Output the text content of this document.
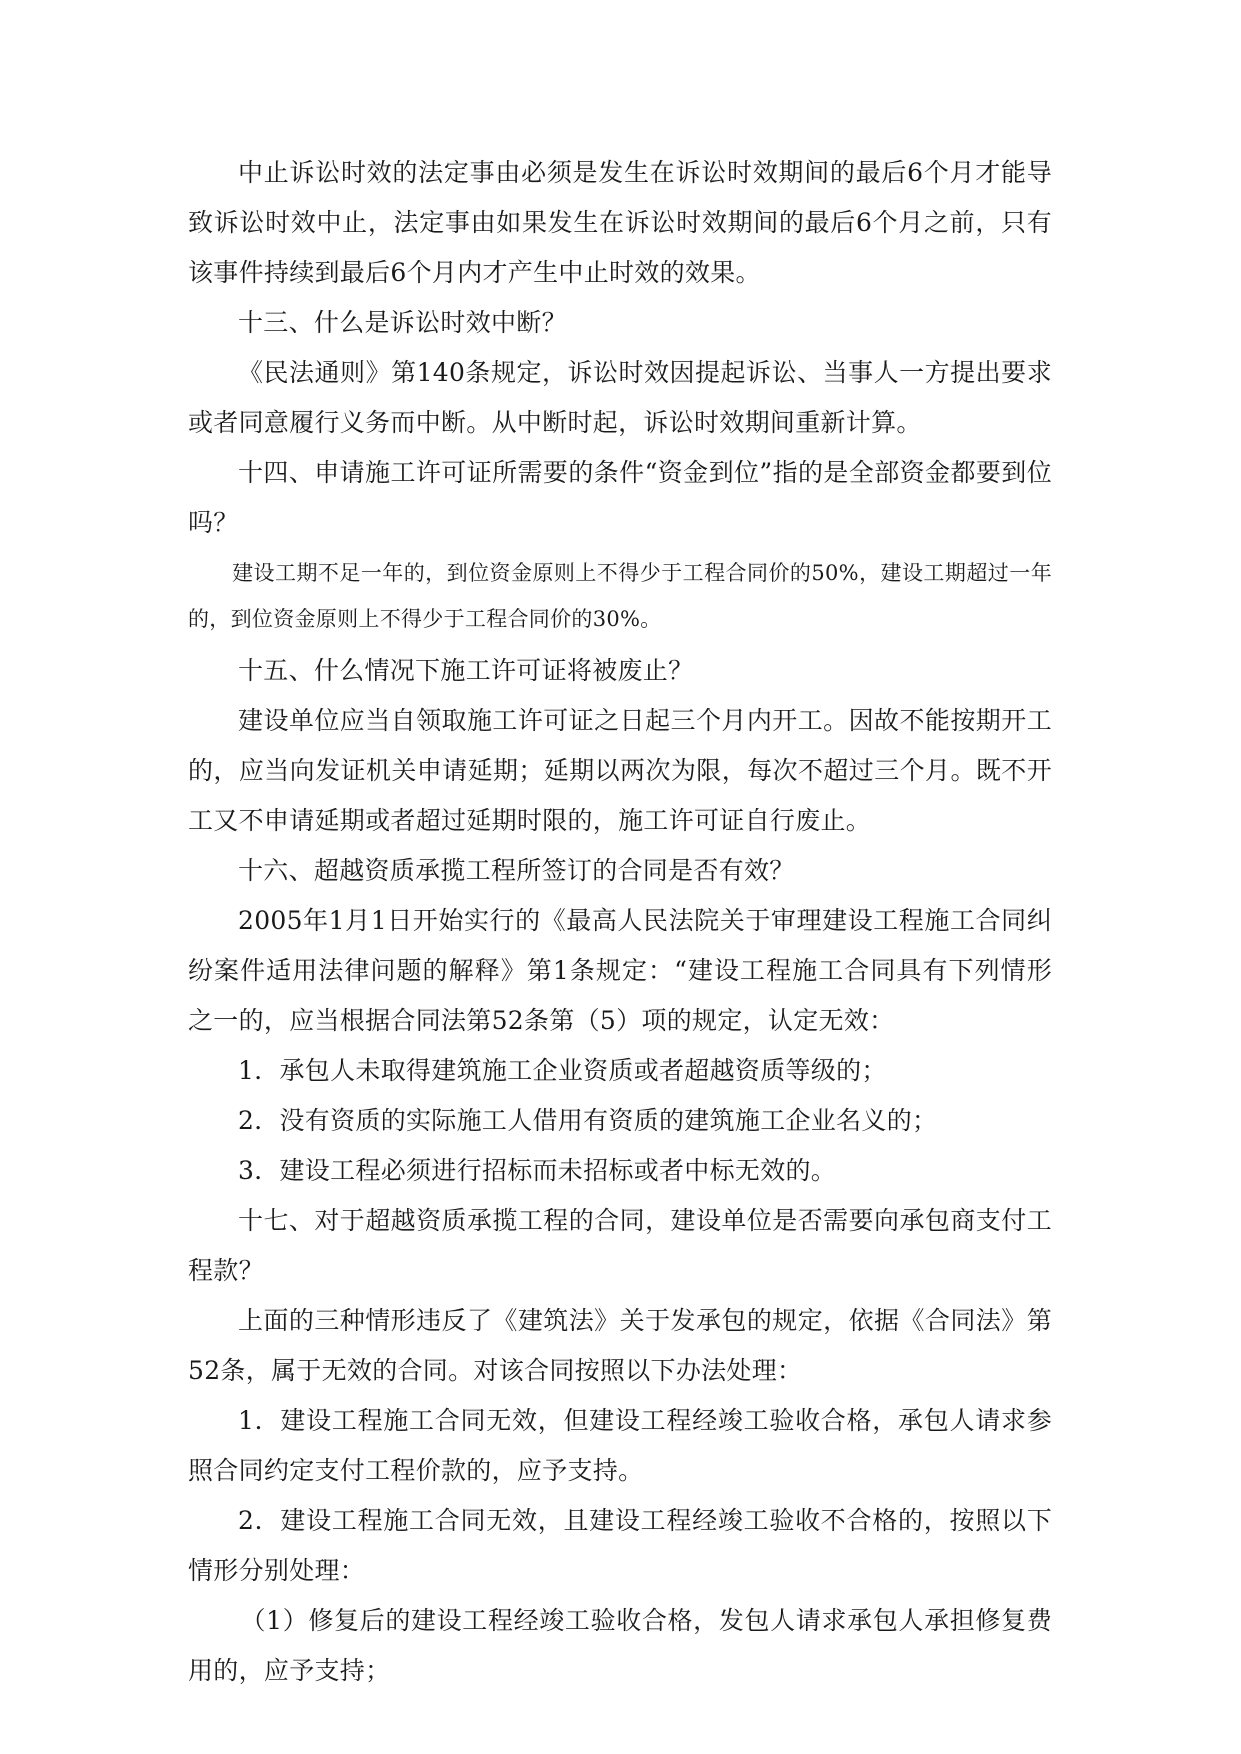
中止诉讼时效的法定事由必须是发生在诉讼时效期间的最后6个月才能导致诉讼时效中止，法定事由如果发生在诉讼时效期间的最后6个月之前，只有该事件持续到最后6个月内才产生中止时效的效果。

十三、什么是诉讼时效中断？

《民法通则》第140条规定，诉讼时效因提起诉讼、当事人一方提出要求或者同意履行义务而中断。从中断时起，诉讼时效期间重新计算。

十四、申请施工许可证所需要的条件“资金到位”指的是全部资金都要到位吗？

建设工期不足一年的，到位资金原则上不得少于工程合同价的50%，建设工期超过一年的，到位资金原则上不得少于工程合同价的30%。

十五、什么情况下施工许可证将被废止？

建设单位应当自领取施工许可证之日起三个月内开工。因故不能按期开工的，应当向发证机关申请延期；延期以两次为限，每次不超过三个月。既不开工又不申请延期或者超过延期时限的，施工许可证自行废止。

十六、超越资质承揽工程所签订的合同是否有效？

2005年1月1日开始实行的《最高人民法院关于审理建设工程施工合同纠纷案件适用法律问题的解释》第1条规定：“建设工程施工合同具有下列情形之一的，应当根据合同法第52条第（5）项的规定，认定无效：

1．承包人未取得建筑施工企业资质或者超越资质等级的；

2．没有资质的实际施工人借用有资质的建筑施工企业名义的；

3．建设工程必须进行招标而未招标或者中标无效的。

十七、对于超越资质承揽工程的合同，建设单位是否需要向承包商支付工程款？

上面的三种情形违反了《建筑法》关于发承包的规定，依据《合同法》第52条，属于无效的合同。对该合同按照以下办法处理：

1．建设工程施工合同无效，但建设工程经竣工验收合格，承包人请求参照合同约定支付工程价款的，应予支持。

2．建设工程施工合同无效，且建设工程经竣工验收不合格的，按照以下情形分别处理：

（1）修复后的建设工程经竣工验收合格，发包人请求承包人承担修复费用的，应予支持；
